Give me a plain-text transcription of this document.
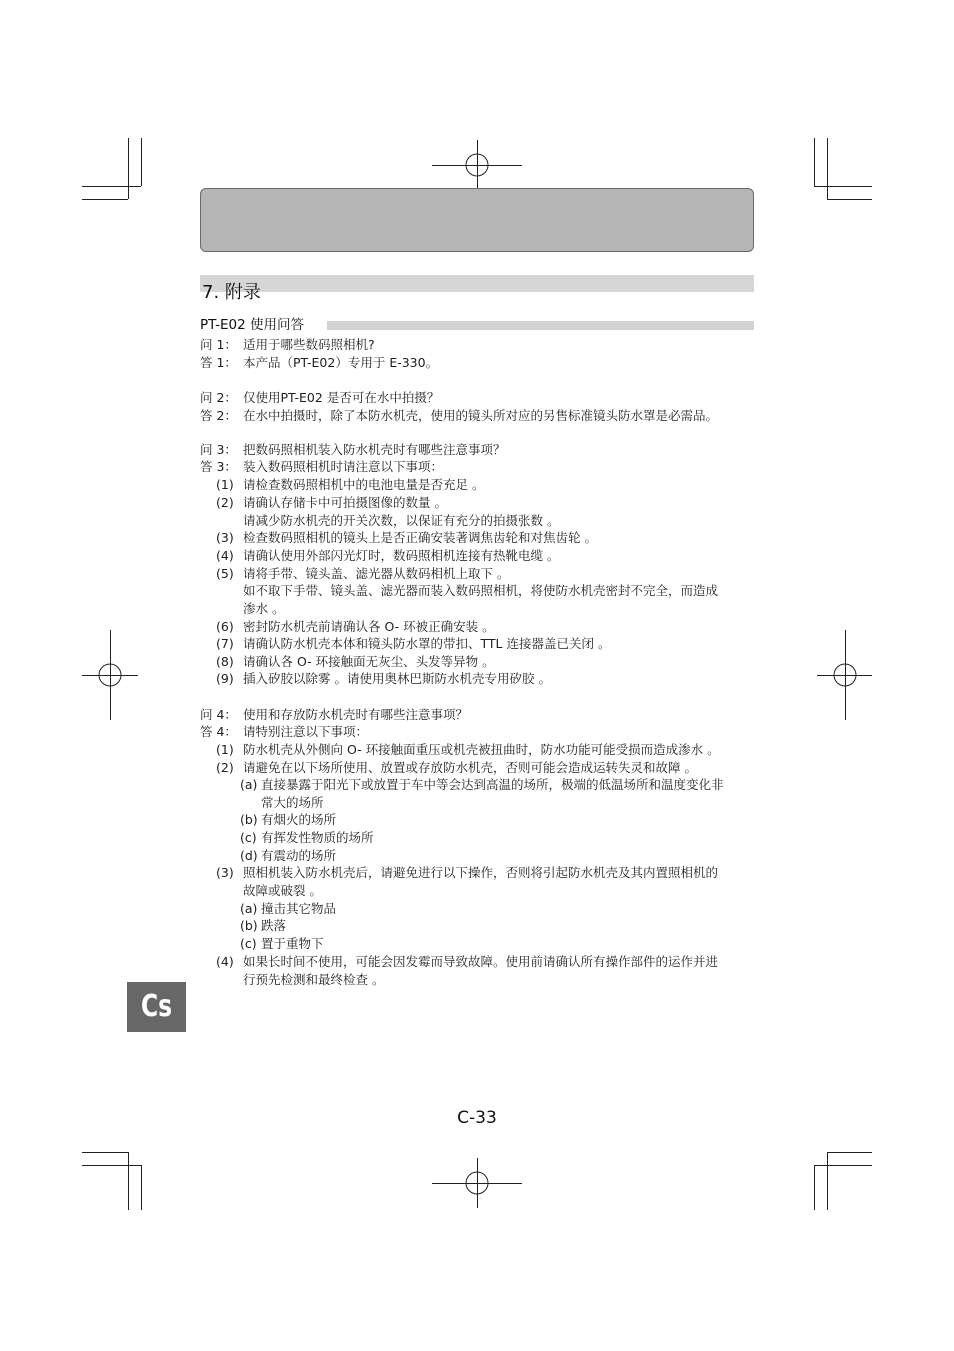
7. 附录
PT-E02 使用问答
问 1： 适用于哪些数码照相机?
答 1： 本产品（PT-E02）专用于 E-330。
问 2： 仅使用PT-E02 是否可在水中拍摄？
答 2： 在水中拍摄时，除了本防水机壳，使用的镜头所对应的另售标准镜头防水罩是必需品。
问 3： 把数码照相机装入防水机壳时有哪些注意事项？
答 3： 装入数码照相机时请注意以下事项：
(1) 请检查数码照相机中的电池电量是否充足 。
(2) 请确认存储卡中可拍摄图像的数量 。
请减少防水机壳的开关次数，以保证有充分的拍摄张数 。
(3) 检查数码照相机的镜头上是否正确安装著调焦齿轮和对焦齿轮 。
(4) 请确认使用外部闪光灯时，数码照相机连接有热靴电缆 。
(5) 请将手带、镜头盖、滤光器从数码相机上取下 。
如不取下手带、镜头盖、滤光器而装入数码照相机，将使防水机壳密封不完全，而造成
渗水 。
(6) 密封防水机壳前请确认各 O- 环被正确安装 。
(7) 请确认防水机壳本体和镜头防水罩的带扣、TTL 连接器盖已关闭 。
(8) 请确认各 O- 环接触面无灰尘、头发等异物 。
(9) 插入矽胶以除雾 。请使用奥林巴斯防水机壳专用矽胶 。
问 4： 使用和存放防水机壳时有哪些注意事项？
答 4： 请特别注意以下事项：
(1) 防水机壳从外侧向 O- 环接触面重压或机壳被扭曲时，防水功能可能受损而造成渗水 。
(2) 请避免在以下场所使用、放置或存放防水机壳，否则可能会造成运转失灵和故障 。
(a) 直接暴露于阳光下或放置于车中等会达到高温的场所，极端的低温场所和温度变化非
常大的场所
(b) 有烟火的场所
(c) 有挥发性物质的场所
(d) 有震动的场所
(3) 照相机装入防水机壳后，请避免进行以下操作，否则将引起防水机壳及其内置照相机的
故障或破裂 。
(a) 撞击其它物品
(b) 跌落
(c) 置于重物下
(4) 如果长时间不使用，可能会因发霉而导致故障。使用前请确认所有操作部件的运作并进
行预先检测和最终检查 。
Cs
C-33
